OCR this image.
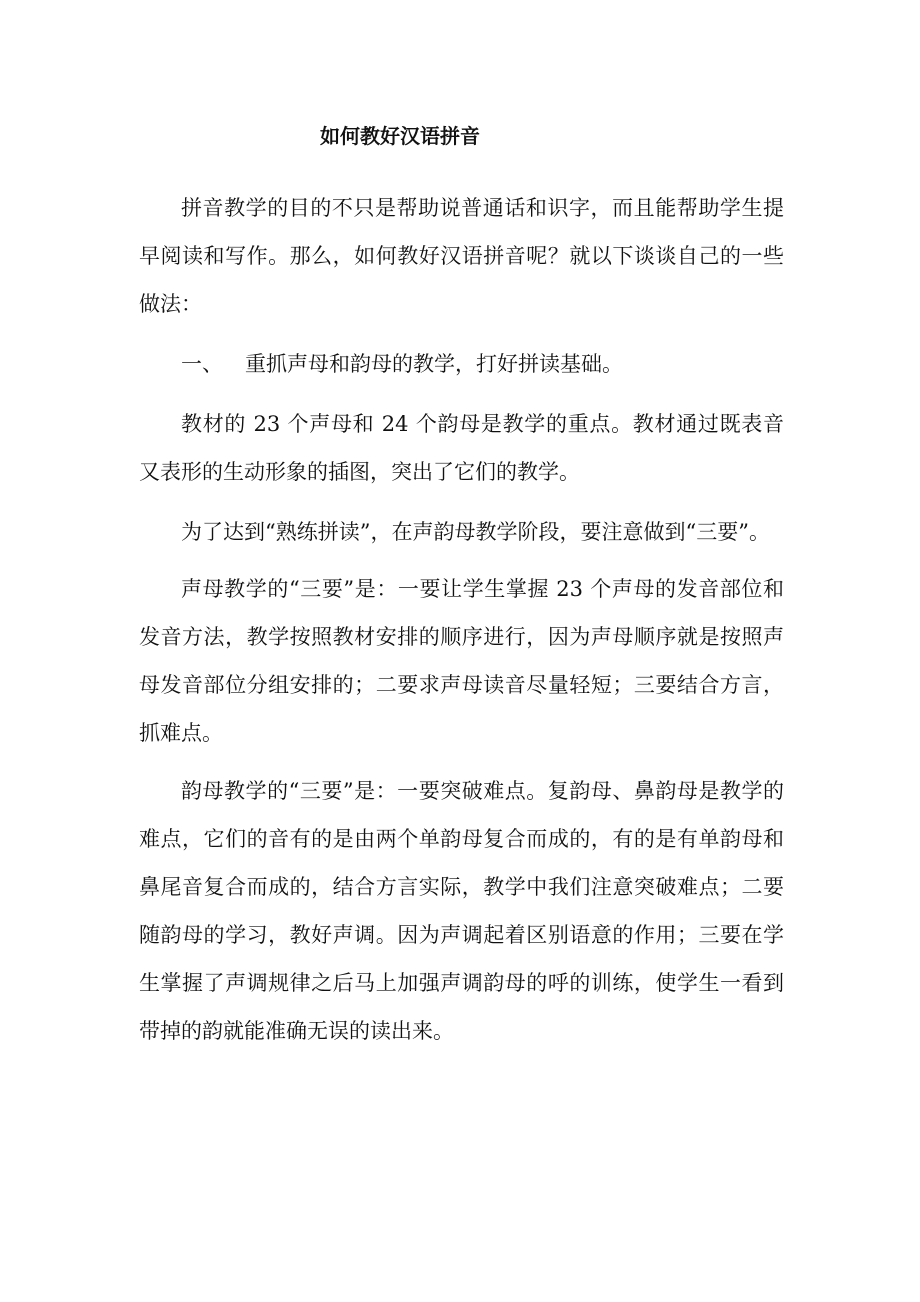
如何教好汉语拼音

拼音教学的目的不只是帮助说普通话和识字，而且能帮助学生提早阅读和写作。那么，如何教好汉语拼音呢？就以下谈谈自己的一些做法：

一、 重抓声母和韵母的教学，打好拼读基础。

教材的 23 个声母和 24 个韵母是教学的重点。教材通过既表音又表形的生动形象的插图，突出了它们的教学。

为了达到“熟练拼读”，在声韵母教学阶段，要注意做到“三要”。

声母教学的“三要”是：一要让学生掌握 23 个声母的发音部位和发音方法，教学按照教材安排的顺序进行，因为声母顺序就是按照声母发音部位分组安排的；二要求声母读音尽量轻短；三要结合方言，抓难点。

韵母教学的“三要”是：一要突破难点。复韵母、鼻韵母是教学的难点，它们的音有的是由两个单韵母复合而成的，有的是有单韵母和鼻尾音复合而成的，结合方言实际，教学中我们注意突破难点；二要随韵母的学习，教好声调。因为声调起着区别语意的作用；三要在学生掌握了声调规律之后马上加强声调韵母的呼的训练，使学生一看到带掉的韵就能准确无误的读出来。
